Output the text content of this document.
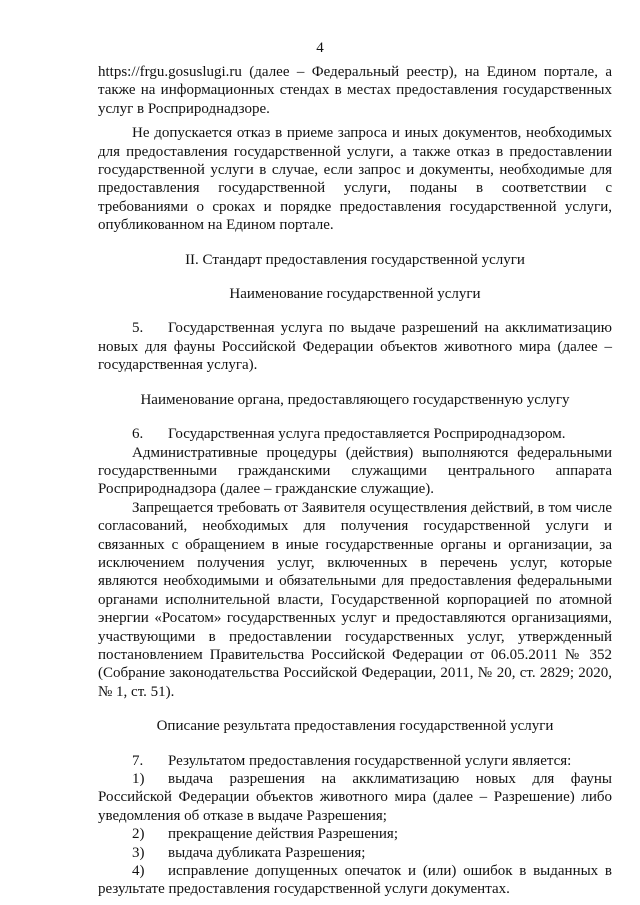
4

https://frgu.gosuslugi.ru (далее – Федеральный реестр), на Едином портале, а также на информационных стендах в местах предоставления государственных услуг в Росприроднадзоре.

Не допускается отказ в приеме запроса и иных документов, необходимых для предоставления государственной услуги, а также отказ в предоставлении государственной услуги в случае, если запрос и документы, необходимые для предоставления государственной услуги, поданы в соответствии с требованиями о сроках и порядке предоставления государственной услуги, опубликованном на Едином портале.

II. Стандарт предоставления государственной услуги

Наименование государственной услуги

5. Государственная услуга по выдаче разрешений на акклиматизацию новых для фауны Российской Федерации объектов животного мира (далее – государственная услуга).

Наименование органа, предоставляющего государственную услугу

6. Государственная услуга предоставляется Росприроднадзором.

Административные процедуры (действия) выполняются федеральными государственными гражданскими служащими центрального аппарата Росприроднадзора (далее – гражданские служащие).

Запрещается требовать от Заявителя осуществления действий, в том числе согласований, необходимых для получения государственной услуги и связанных с обращением в иные государственные органы и организации, за исключением получения услуг, включенных в перечень услуг, которые являются необходимыми и обязательными для предоставления федеральными органами исполнительной власти, Государственной корпорацией по атомной энергии «Росатом» государственных услуг и предоставляются организациями, участвующими в предоставлении государственных услуг, утвержденный постановлением Правительства Российской Федерации от 06.05.2011 № 352 (Собрание законодательства Российской Федерации, 2011, № 20, ст. 2829; 2020, № 1, ст. 51).

Описание результата предоставления государственной услуги

7. Результатом предоставления государственной услуги является:

1) выдача разрешения на акклиматизацию новых для фауны Российской Федерации объектов животного мира (далее – Разрешение) либо уведомления об отказе в выдаче Разрешения;

2) прекращение действия Разрешения;

3) выдача дубликата Разрешения;

4) исправление допущенных опечаток и (или) ошибок в выданных в результате предоставления государственной услуги документах.
